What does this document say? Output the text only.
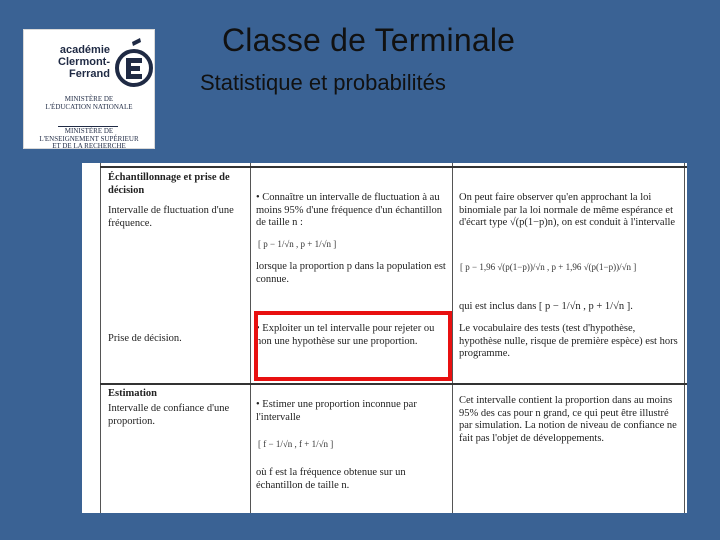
académie
Clermont-Ferrand
MINISTÈRE DE
L'ÉDUCATION NATIONALE
MINISTÈRE DE
L'ENSEIGNEMENT SUPÉRIEUR
ET DE LA RECHERCHE
Classe de Terminale
Statistique et probabilités
Échantillonnage et prise de décision
Intervalle de fluctuation d'une fréquence.
• Connaître un intervalle de fluctuation à au moins 95% d'une fréquence d'un échantillon de taille n :
[ p − 1/√n , p + 1/√n ]
lorsque la proportion p dans la population est connue.
On peut faire observer qu'en approchant la loi binomiale par la loi normale de même espérance et d'écart type √(p(1−p)n), on est conduit à l'intervalle
[ p − 1,96 √(p(1−p))/√n , p + 1,96 √(p(1−p))/√n ]
qui est inclus dans [ p − 1/√n , p + 1/√n ].
Prise de décision.
• Exploiter un tel intervalle pour rejeter ou non une hypothèse sur une proportion.
Le vocabulaire des tests (test d'hypothèse, hypothèse nulle, risque de première espèce) est hors programme.
Estimation
Intervalle de confiance d'une proportion.
• Estimer une proportion inconnue par l'intervalle
[ f − 1/√n , f + 1/√n ]
où f est la fréquence obtenue sur un échantillon de taille n.
Cet intervalle contient la proportion dans au moins 95% des cas pour n grand, ce qui peut être illustré par simulation. La notion de niveau de confiance ne fait pas l'objet de développements.
